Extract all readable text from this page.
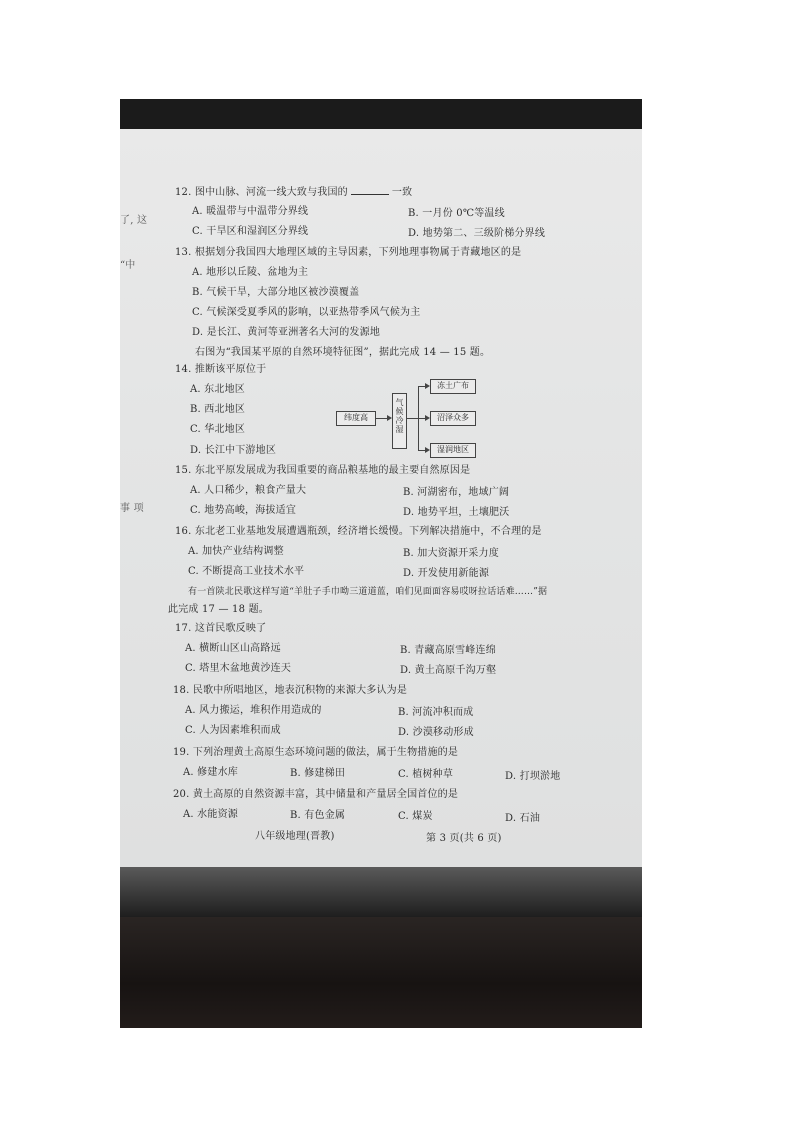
了, 这
“中
事 项
12. 图中山脉、河流一线大致与我国的	一致
A. 暖温带与中温带分界线	B. 一月份 0℃等温线
C. 干旱区和湿润区分界线	D. 地势第二、三级阶梯分界线
13. 根据划分我国四大地理区域的主导因素，下列地理事物属于青藏地区的是
A. 地形以丘陵、盆地为主
B. 气候干旱，大部分地区被沙漠覆盖
C. 气候深受夏季风的影响，以亚热带季风气候为主
D. 是长江、黄河等亚洲著名大河的发源地
右图为“我国某平原的自然环境特征图”，据此完成 14 — 15 题。
14. 推断该平原位于
A. 东北地区
B. 西北地区
C. 华北地区
D. 长江中下游地区
纬度高
气候冷湿
冻土广布
沼泽众多
湿润地区
15. 东北平原发展成为我国重要的商品粮基地的最主要自然原因是
A. 人口稀少，粮食产量大	B. 河湖密布，地域广阔
C. 地势高峻，海拔适宜	D. 地势平坦，土壤肥沃
16. 东北老工业基地发展遭遇瓶颈，经济增长缓慢。下列解决措施中，不合理的是
A. 加快产业结构调整	B. 加大资源开采力度
C. 不断提高工业技术水平	D. 开发使用新能源
有一首陕北民歌这样写道“羊肚子手巾呦三道道蓝，咱们见面面容易哎呀拉话话难……”据
此完成 17 — 18 题。
17. 这首民歌反映了
A. 横断山区山高路远	B. 青藏高原雪峰连绵
C. 塔里木盆地黄沙连天	D. 黄土高原千沟万壑
18. 民歌中所唱地区，地表沉积物的来源大多认为是
A. 风力搬运，堆积作用造成的	B. 河流冲积而成
C. 人为因素堆积而成	D. 沙漠移动形成
19. 下列治理黄土高原生态环境问题的做法，属于生物措施的是
A. 修建水库	B. 修建梯田	C. 植树种草	D. 打坝淤地
20. 黄土高原的自然资源丰富，其中储量和产量居全国首位的是
A. 水能资源	B. 有色金属	C. 煤炭	D. 石油
八年级地理(晋教)	第 3 页(共 6 页)
